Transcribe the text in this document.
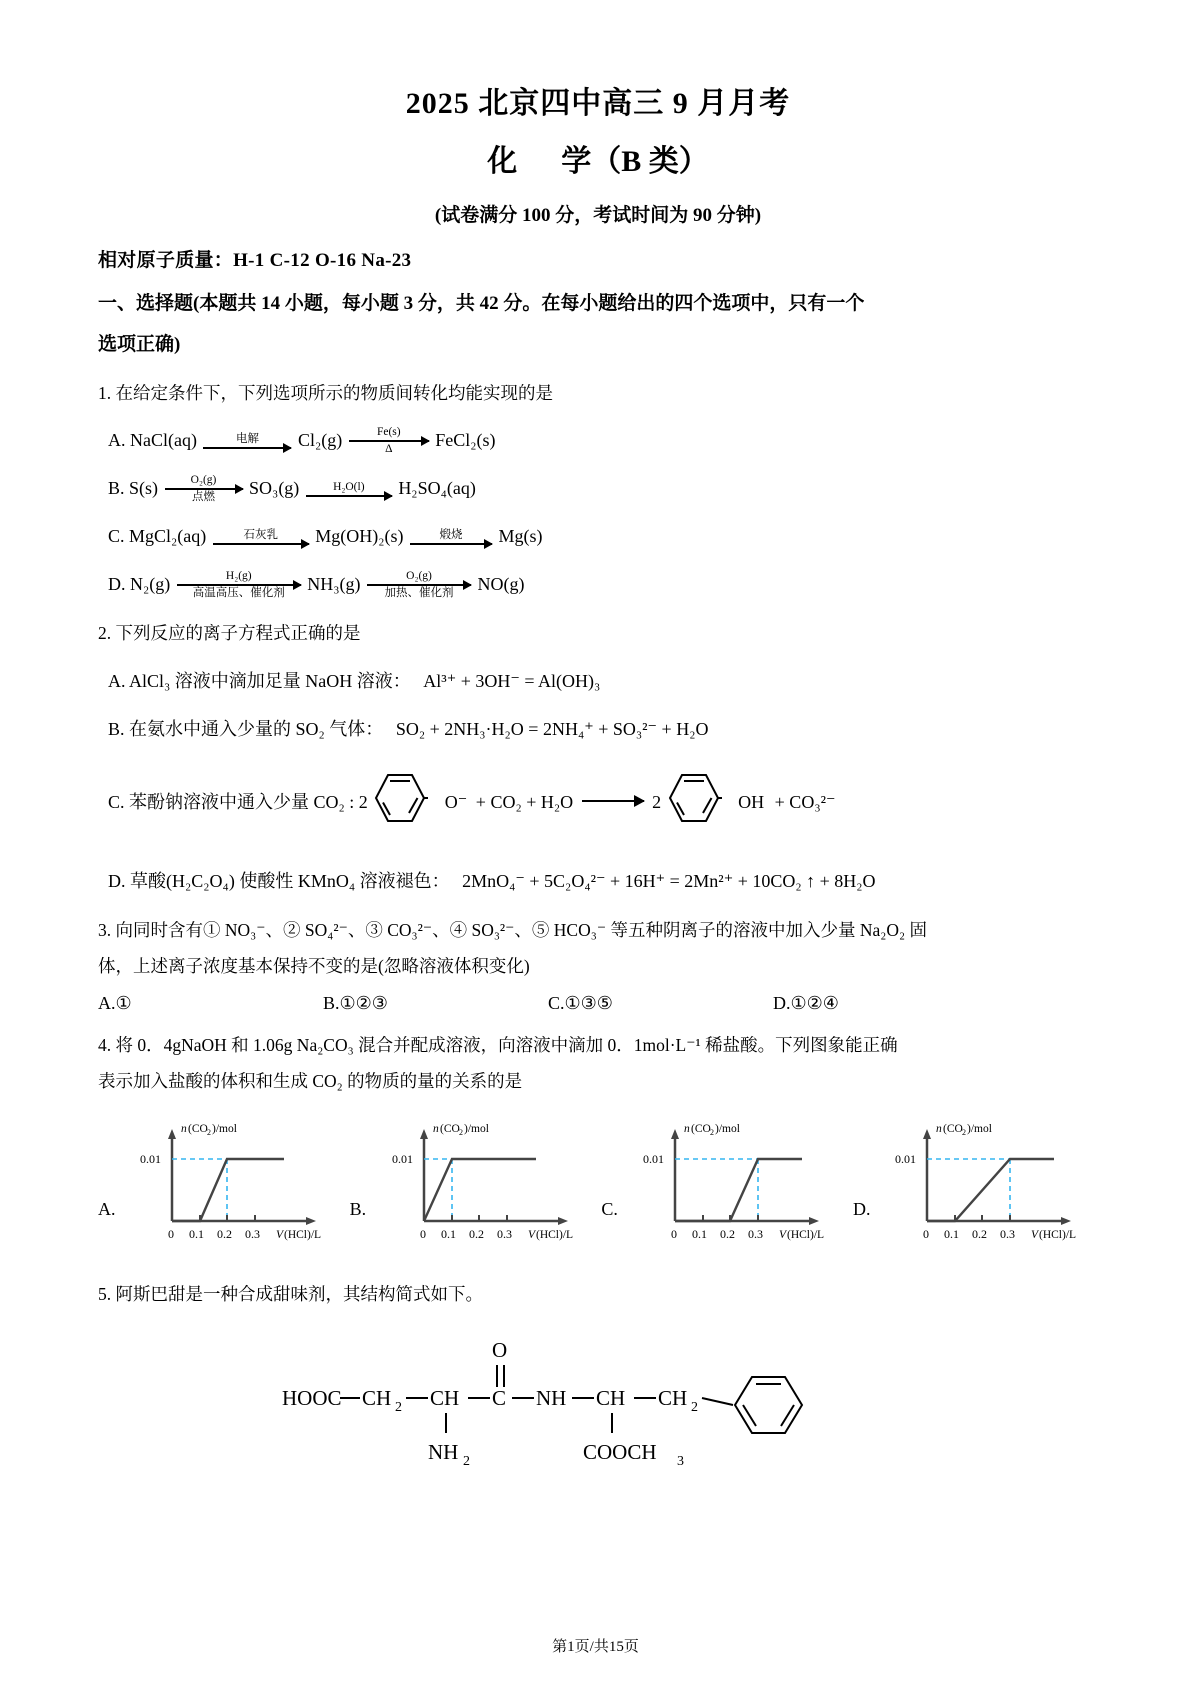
2025 北京四中高三 9 月月考
化 学（B 类）
(试卷满分 100 分，考试时间为 90 分钟)
相对原子质量：H-1 C-12 O-16 Na-23
一、选择题(本题共 14 小题，每小题 3 分，共 42 分。在每小题给出的四个选项中，只有一个
选项正确)
1. 在给定条件下，下列选项所示的物质间转化均能实现的是
A. NaCl(aq)	电解 $Cl_2(g) \frac{Fe(s)}{\Delta}$ FeCl₂(s)
B. S(s)	O₂(g)
点燃 SO₃(g)	H₂O(l) H₂SO₄(aq)
C. MgCl₂(aq)	石灰乳 Mg(OH)₂(s)	煅烧 Mg(s)
D. N₂(g)	H₂(g)
高温高压、催化剂 NH₃(g)	O₂(g)
加热、催化剂 NO(g)
2. 下列反应的离子方程式正确的是
A. AlCl₃ 溶液中滴加足量 NaOH 溶液： Al³⁺ + 3OH⁻ = Al(OH)₃
B. 在氨水中通入少量的 SO₂ 气体： SO₂ + 2NH₃·H₂O = 2NH₄⁺ + SO₃²⁻ + H₂O
C. 苯酚钠溶液中通入少量 CO₂ : 2	O⁻ + CO₂ + H₂O → 2	OH + CO₃²⁻
D. 草酸(H₂C₂O₄) 使酸性 KMnO₄ 溶液褪色： 2MnO₄⁻ + 5C₂O₄²⁻ + 16H⁺ = 2Mn²⁺ + 10CO₂ ↑ + 8H₂O
3. 向同时含有① NO₃⁻、② SO₄²⁻、③ CO₃²⁻、④ SO₃²⁻、⑤ HCO₃⁻ 等五种阴离子的溶液中加入少量 Na₂O₂ 固
体，上述离子浓度基本保持不变的是(忽略溶液体积变化)
A.①	B.①②③	C.①③⑤	D.①②④
4. 将 0．4gNaOH 和 1.06g Na₂CO₃ 混合并配成溶液，向溶液中滴加 0．1mol·L⁻¹ 稀盐酸。下列图象能正确
表示加入盐酸的体积和生成 CO₂ 的物质的量的关系的是
A.
n (CO 2 )/mol
0.01
0 0.1 0.2 0.3 V (HCl)/L
B.
n (CO 2 )/mol
0.01
0 0.1 0.2 0.3 V (HCl)/L
C.
n (CO 2 )/mol
0.01
0 0.1 0.2 0.3 V (HCl)/L
D.
n (CO 2 )/mol
0.01
0 0.1 0.2 0.3 V (HCl)/L
5. 阿斯巴甜是一种合成甜味剂，其结构简式如下。
HOOC CH 2 CH
NH 2
C
O
NH CH
COOCH 3
CH 2
第1页/共15页
